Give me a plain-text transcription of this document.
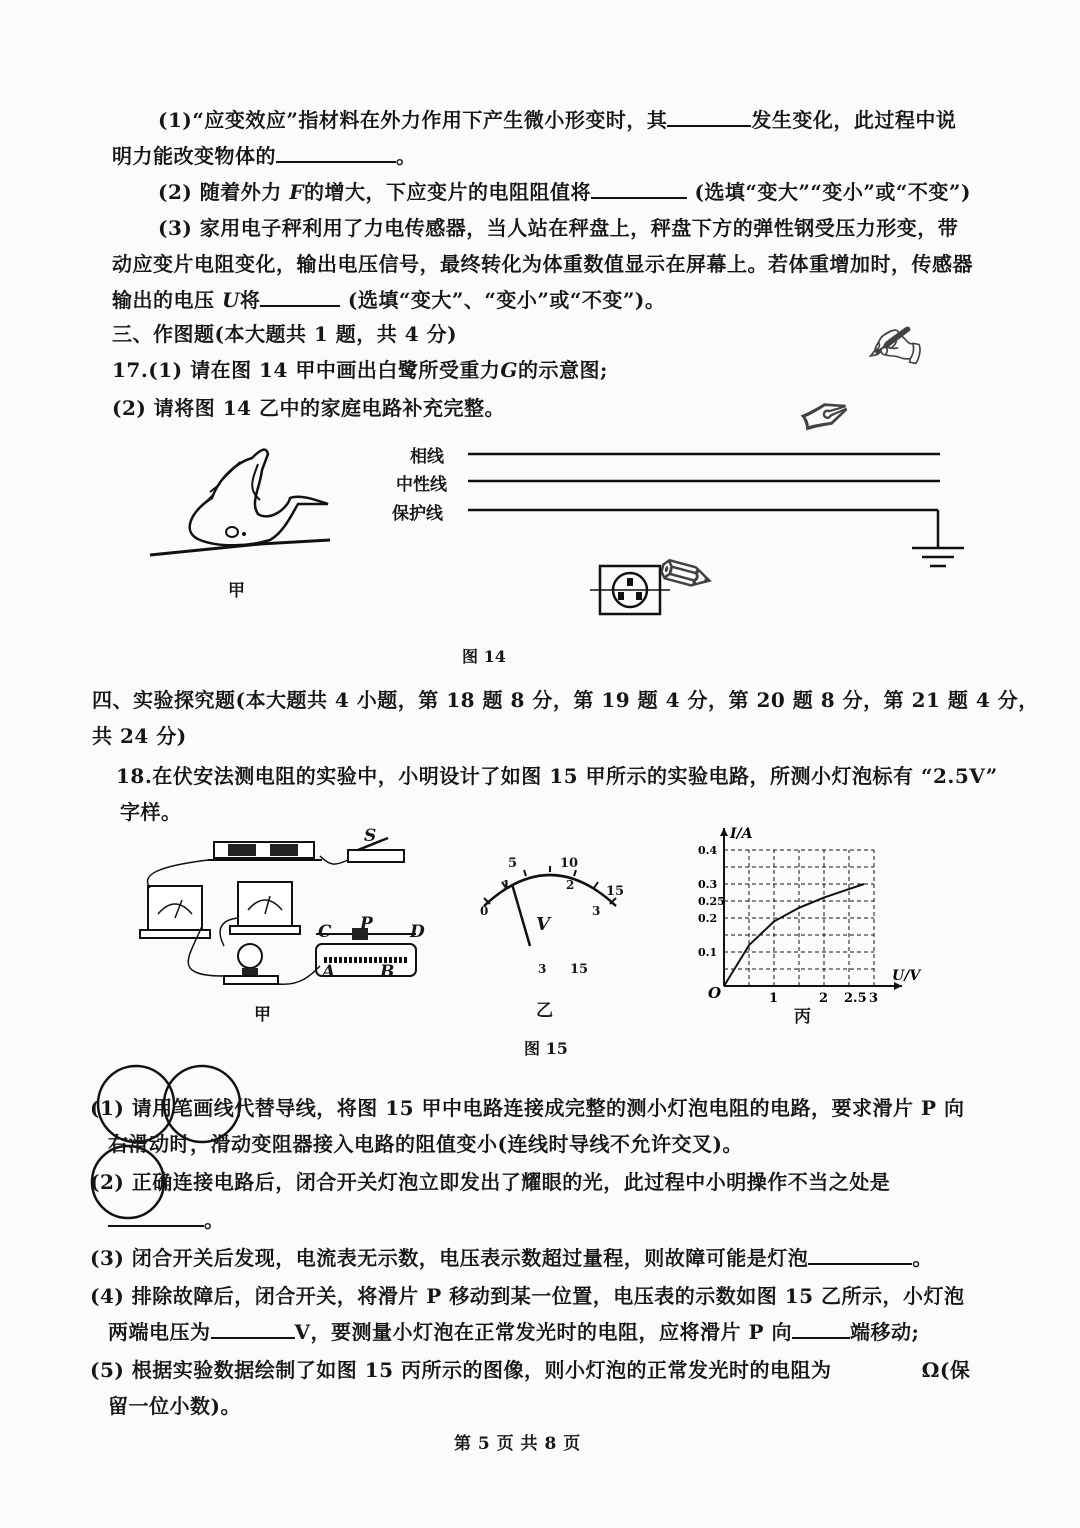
(1)“应变效应”指材料在外力作用下产生微小形变时，其	发生变化，此过程中说
明力能改变物体的	。
(2) 随着外力 F的增大，下应变片的电阻阻值将	(选填“变大”“变小”或“不变”)
(3) 家用电子秤利用了力电传感器，当人站在秤盘上，秤盘下方的弹性钢受压力形变，带
动应变片电阻变化，输出电压信号，最终转化为体重数值显示在屏幕上。若体重增加时，传感器
输出的电压 U将	(选填“变大”、“变小”或“不变”)。
三、作图题(本大题共 1 题，共 4 分)
17.(1) 请在图 14 甲中画出白鹭所受重力G的示意图;
(2) 请将图 14 乙中的家庭电路补充完整。
甲
相线
中性线
保护线
图 14
✍
✑
✎
四、实验探究题(本大题共 4 小题，第 18 题 8 分，第 19 题 4 分，第 20 题 8 分，第 21 题 4 分，
共 24 分)
18.在伏安法测电阻的实验中，小明设计了如图 15 甲所示的实验电路，所测小灯泡标有 “2.5V”
字样。
S
C P D
A	B
甲
0
1	2
3
5	10
15
V
3 15
乙
1	2 2.5 3
0.1
0.2
0.25
0.3
0.4
U/V
I/A
O
丙
图 15
(1) 请用笔画线代替导线，将图 15 甲中电路连接成完整的测小灯泡电阻的电路，要求滑片 P 向
右滑动时，滑动变阻器接入电路的阻值变小(连线时导线不允许交叉)。
(2) 正确连接电路后，闭合开关灯泡立即发出了耀眼的光，此过程中小明操作不当之处是
。
(3) 闭合开关后发现，电流表无示数，电压表示数超过量程，则故障可能是灯泡	。
(4) 排除故障后，闭合开关，将滑片 P 移动到某一位置，电压表的示数如图 15 乙所示，小灯泡
两端电压为	V，要测量小灯泡在正常发光时的电阻，应将滑片 P 向	端移动;
(5) 根据实验数据绘制了如图 15 丙所示的图像，则小灯泡的正常发光时的电阻为	Ω(保
留一位小数)。
第 5 页 共 8 页
